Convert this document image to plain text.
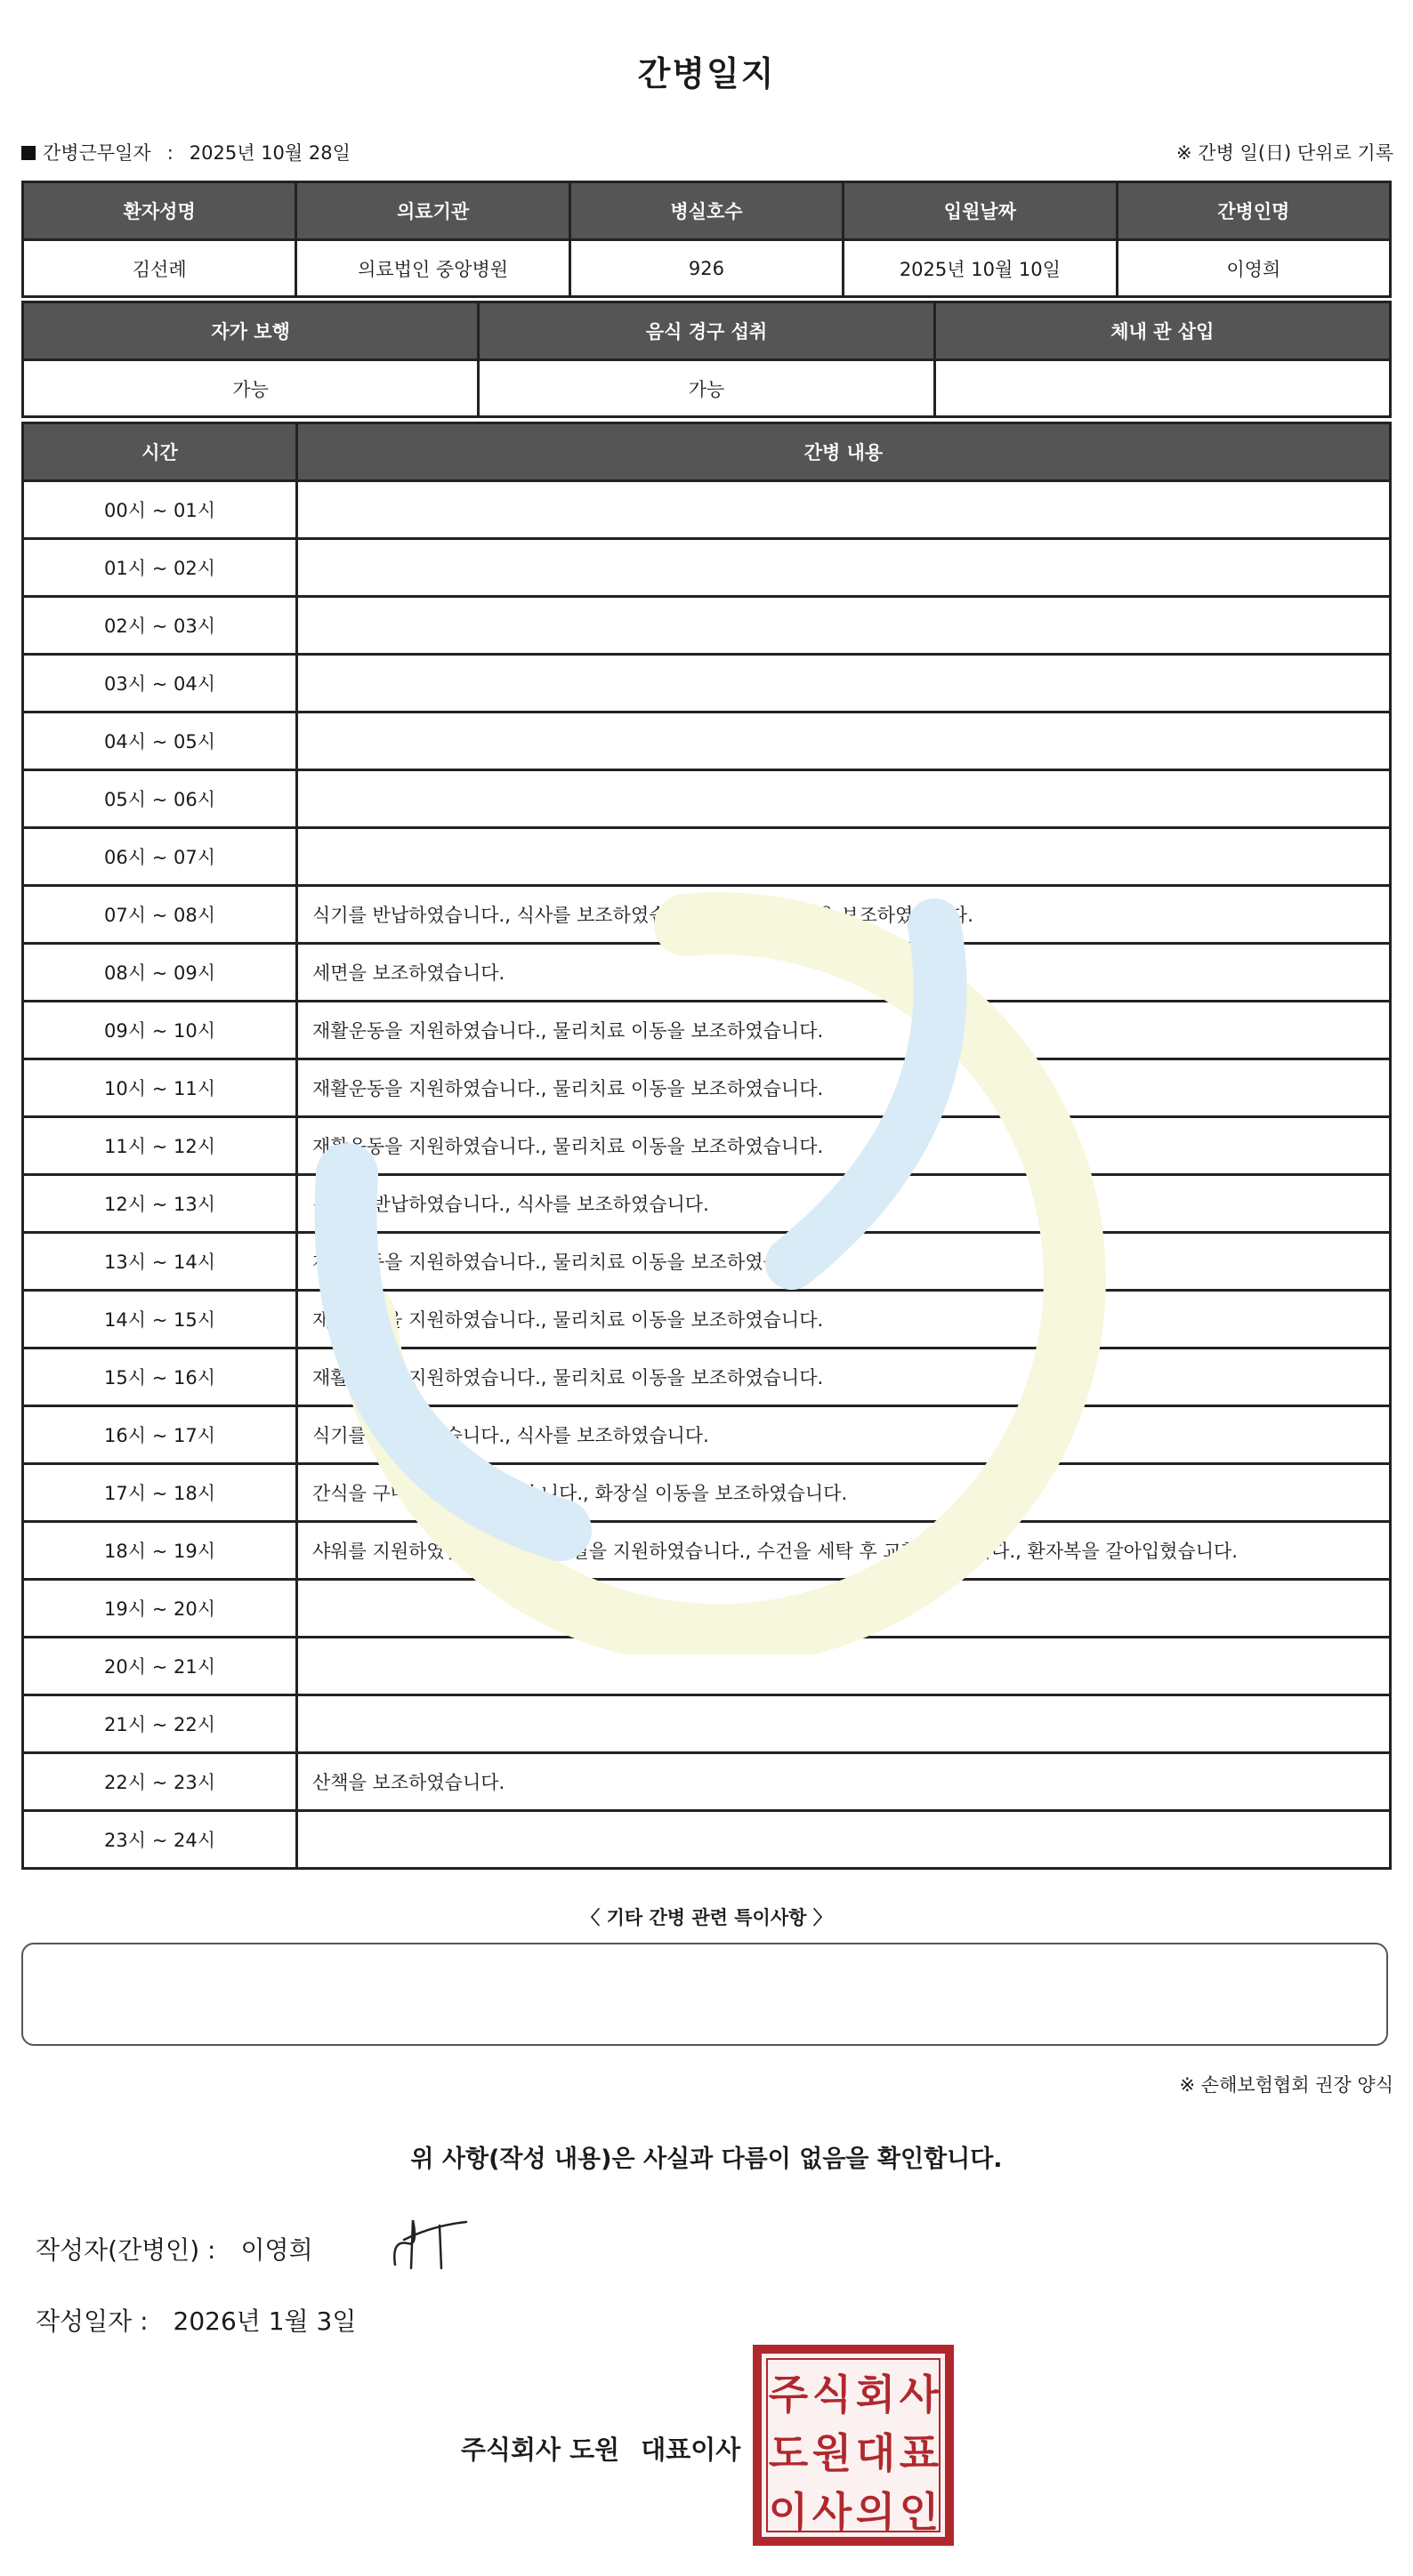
간병일지
간병근무일자 : 2025년 10월 28일	※ 간병 일(日) 단위로 기록
환자성명	의료기관	병실호수	입원날짜	간병인명
김선례	의료법인 중앙병원	926	2025년 10월 10일	이영희
자가 보행	음식 경구 섭취	체내 관 삽입
가능	가능	
시간	간병 내용
00시 ~ 01시	
01시 ~ 02시	
02시 ~ 03시	
03시 ~ 04시	
04시 ~ 05시	
05시 ~ 06시	
06시 ~ 07시	
07시 ~ 08시	식기를 반납하였습니다., 식사를 보조하였습니다., 화장실 이동을 보조하였습니다.
08시 ~ 09시	세면을 보조하였습니다.
09시 ~ 10시	재활운동을 지원하였습니다., 물리치료 이동을 보조하였습니다.
10시 ~ 11시	재활운동을 지원하였습니다., 물리치료 이동을 보조하였습니다.
11시 ~ 12시	재활운동을 지원하였습니다., 물리치료 이동을 보조하였습니다.
12시 ~ 13시	식기를 반납하였습니다., 식사를 보조하였습니다.
13시 ~ 14시	재활운동을 지원하였습니다., 물리치료 이동을 보조하였습니다.
14시 ~ 15시	재활운동을 지원하였습니다., 물리치료 이동을 보조하였습니다.
15시 ~ 16시	재활운동을 지원하였습니다., 물리치료 이동을 보조하였습니다.
16시 ~ 17시	식기를 반납하였습니다., 식사를 보조하였습니다.
17시 ~ 18시	간식을 구매하여 제공하였습니다., 화장실 이동을 보조하였습니다.
18시 ~ 19시	샤워를 지원하였습니다., 구강청결을 지원하였습니다., 수건을 세탁 후 교환하였습니다., 환자복을 갈아입혔습니다.
19시 ~ 20시	
20시 ~ 21시	
21시 ~ 22시	
22시 ~ 23시	산책을 보조하였습니다.
23시 ~ 24시	
〈 기타 간병 관련 특이사항 〉
※ 손해보험협회 권장 양식
위 사항(작성 내용)은 사실과 다름이 없음을 확인합니다.
작성자(간병인) : 이영희
작성일자 : 2026년 1월 3일
주식회사 도원 대표이사
주 식 회 사
도 원 대 표
이 사 의 인
